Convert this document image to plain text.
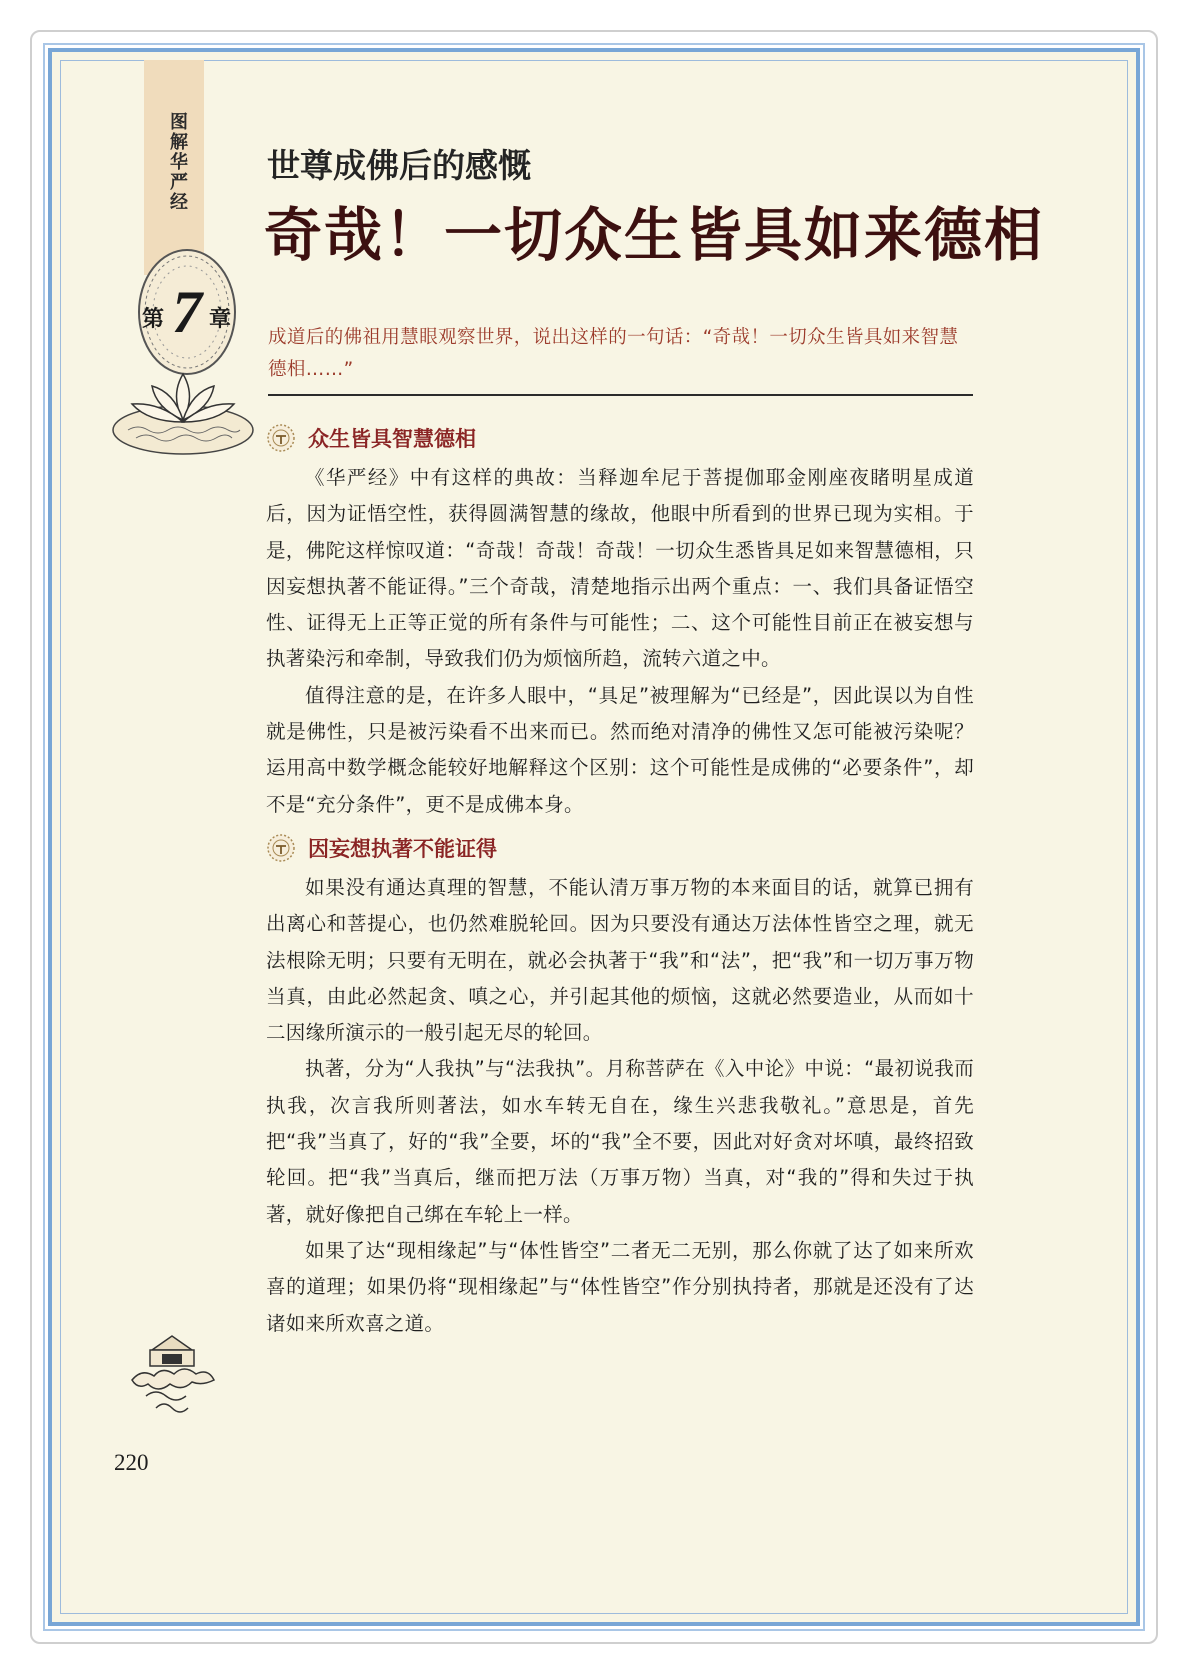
图解华严经
第 7 章
世尊成佛后的感慨
奇哉！一切众生皆具如来德相
成道后的佛祖用慧眼观察世界，说出这样的一句话：“奇哉！一切众生皆具如来智慧德相……”
众生皆具智慧德相

《华严经》中有这样的典故：当释迦牟尼于菩提伽耶金刚座夜睹明星成道后，因为证悟空性，获得圆满智慧的缘故，他眼中所看到的世界已现为实相。于是，佛陀这样惊叹道：“奇哉！奇哉！奇哉！一切众生悉皆具足如来智慧德相，只因妄想执著不能证得。”三个奇哉，清楚地指示出两个重点：一、我们具备证悟空性、证得无上正等正觉的所有条件与可能性；二、这个可能性目前正在被妄想与执著染污和牵制，导致我们仍为烦恼所趋，流转六道之中。

值得注意的是，在许多人眼中，“具足”被理解为“已经是”，因此误以为自性就是佛性，只是被污染看不出来而已。然而绝对清净的佛性又怎可能被污染呢？运用高中数学概念能较好地解释这个区别：这个可能性是成佛的“必要条件”，却不是“充分条件”，更不是成佛本身。

因妄想执著不能证得

如果没有通达真理的智慧，不能认清万事万物的本来面目的话，就算已拥有出离心和菩提心，也仍然难脱轮回。因为只要没有通达万法体性皆空之理，就无法根除无明；只要有无明在，就必会执著于“我”和“法”，把“我”和一切万事万物当真，由此必然起贪、嗔之心，并引起其他的烦恼，这就必然要造业，从而如十二因缘所演示的一般引起无尽的轮回。

执著，分为“人我执”与“法我执”。月称菩萨在《入中论》中说：“最初说我而执我，次言我所则著法，如水车转无自在，缘生兴悲我敬礼。”意思是，首先把“我”当真了，好的“我”全要，坏的“我”全不要，因此对好贪对坏嗔，最终招致轮回。把“我”当真后，继而把万法（万事万物）当真，对“我的”得和失过于执著，就好像把自己绑在车轮上一样。

如果了达“现相缘起”与“体性皆空”二者无二无别，那么你就了达了如来所欢喜的道理；如果仍将“现相缘起”与“体性皆空”作分别执持者，那就是还没有了达诸如来所欢喜之道。

220
